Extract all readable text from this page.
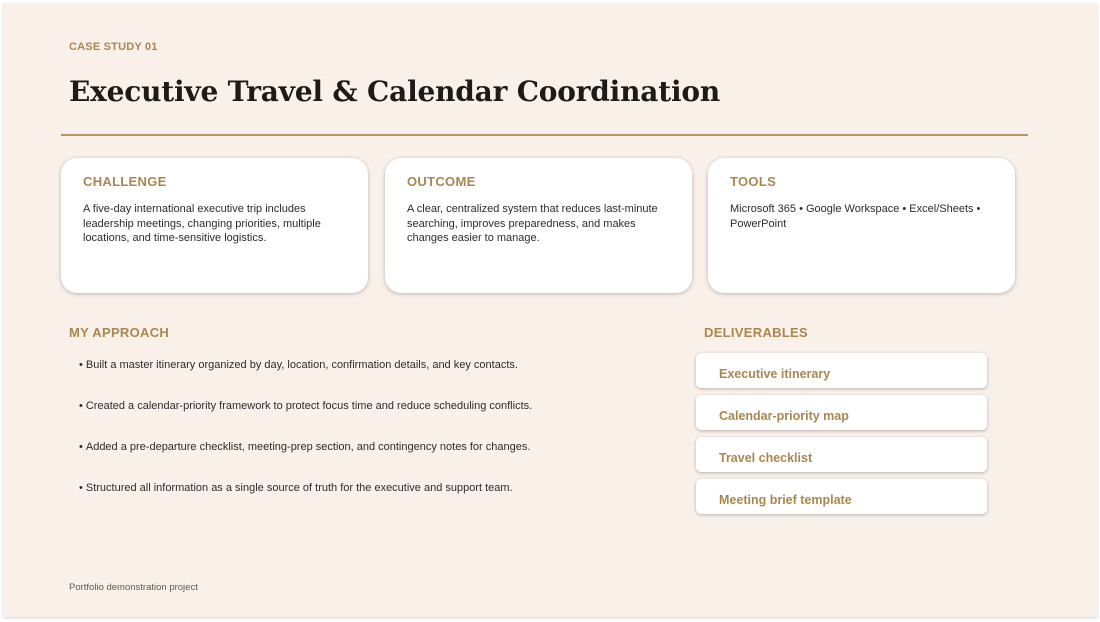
CASE STUDY 01
Executive Travel & Calendar Coordination
CHALLENGE
A five-day international executive trip includes leadership meetings, changing priorities, multiple locations, and time-sensitive logistics.
OUTCOME
A clear, centralized system that reduces last-minute searching, improves preparedness, and makes changes easier to manage.
TOOLS
Microsoft 365 • Google Workspace • Excel/Sheets • PowerPoint
MY APPROACH
• Built a master itinerary organized by day, location, confirmation details, and key contacts.
• Created a calendar-priority framework to protect focus time and reduce scheduling conflicts.
• Added a pre-departure checklist, meeting-prep section, and contingency notes for changes.
• Structured all information as a single source of truth for the executive and support team.
DELIVERABLES
Executive itinerary
Calendar-priority map
Travel checklist
Meeting brief template
Portfolio demonstration project
